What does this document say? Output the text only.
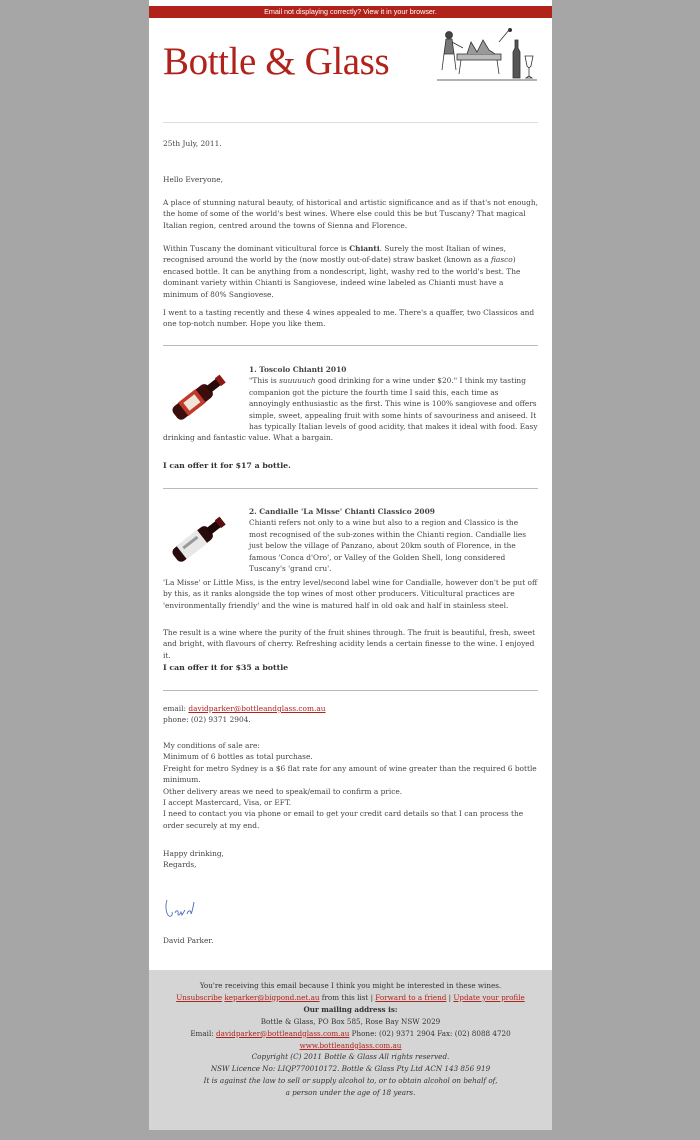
Email not displaying correctly? View it in your browser.
Bottle & Glass
25th July, 2011.
Hello Everyone,
A place of stunning natural beauty, of historical and artistic significance and as if that's not enough, the home of some of the world's best wines. Where else could this be but Tuscany? That magical Italian region, centred around the towns of Sienna and Florence.
Within Tuscany the dominant viticultural force is Chianti. Surely the most Italian of wines, recognised around the world by the (now mostly out-of-date) straw basket (known as a fiasco) encased bottle. It can be anything from a nondescript, light, washy red to the world's best. The dominant variety within Chianti is Sangiovese, indeed wine labeled as Chianti must have a minimum of 80% Sangiovese.
I went to a tasting recently and these 4 wines appealed to me. There's a quaffer, two Classicos and one top-notch number. Hope you like them.
1. Toscolo Chianti 2010
"This is suuuuuch good drinking for a wine under $20." I think my tasting companion got the picture the fourth time I said this, each time as annoyingly enthusiastic as the first. This wine is 100% sangiovese and offers simple, sweet, appealing fruit with some hints of savouriness and aniseed. It has typically Italian levels of good acidity, that makes it ideal with food. Easy drinking and fantastic value. What a bargain.
I can offer it for $17 a bottle.
2. Candialle 'La Misse' Chianti Classico 2009
Chianti refers not only to a wine but also to a region and Classico is the most recognised of the sub-zones within the Chianti region. Candialle lies just below the village of Panzano, about 20km south of Florence, in the famous 'Conca d'Oro', or Valley of the Golden Shell, long considered Tuscany's 'grand cru'.
'La Misse' or Little Miss, is the entry level/second label wine for Candialle, however don't be put off by this, as it ranks alongside the top wines of most other producers. Viticultural practices are 'environmentally friendly' and the wine is matured half in old oak and half in stainless steel.
The result is a wine where the purity of the fruit shines through. The fruit is beautiful, fresh, sweet and bright, with flavours of cherry. Refreshing acidity lends a certain finesse to the wine. I enjoyed it.
I can offer it for $35 a bottle
email: davidparker@bottleandglass.com.au
phone: (02) 9371 2904.
My conditions of sale are:
Minimum of 6 bottles as total purchase.
Freight for metro Sydney is a $6 flat rate for any amount of wine greater than the required 6 bottle minimum.
Other delivery areas we need to speak/email to confirm a price.
I accept Mastercard, Visa, or EFT.
I need to contact you via phone or email to get your credit card details so that I can process the order securely at my end.
Happy drinking,
Regards,
David
David Parker.
You're receiving this email because I think you might be interested in these wines.
Unsubscribe keparker@bigpond.net.au from this list | Forward to a friend | Update your profile
Our mailing address is:
Bottle & Glass, PO Box 585, Rose Bay NSW 2029
Email: davidparker@bottleandglass.com.au Phone: (02) 9371 2904 Fax: (02) 8088 4720
www.bottleandglass.com.au
Copyright (C) 2011 Bottle & Glass All rights reserved.
NSW Licence No: LIQP770010172. Bottle & Glass Pty Ltd ACN 143 856 919
It is against the law to sell or supply alcohol to, or to obtain alcohol on behalf of,
a person under the age of 18 years.
